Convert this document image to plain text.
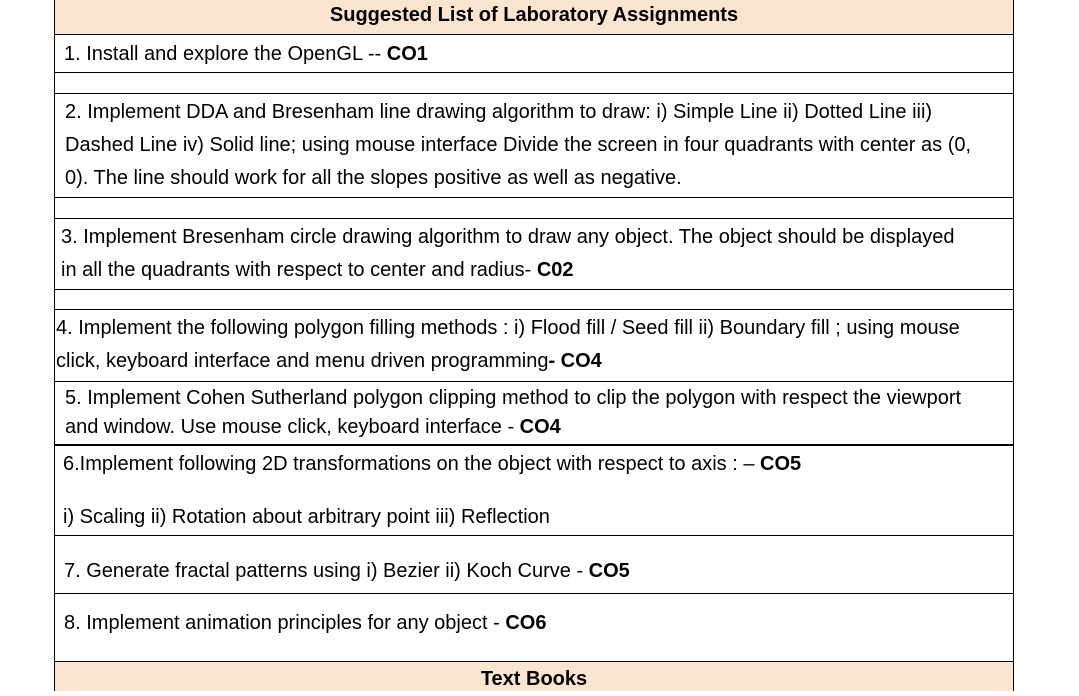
Suggested List of Laboratory Assignments
1. Install and explore the OpenGL -- CO1
2. Implement DDA and Bresenham line drawing algorithm to draw: i) Simple Line ii) Dotted Line iii) Dashed Line iv) Solid line; using mouse interface Divide the screen in four quadrants with center as (0, 0). The line should work for all the slopes positive as well as negative.
3. Implement Bresenham circle drawing algorithm to draw any object. The object should be displayed in all the quadrants with respect to center and radius- C02
4. Implement the following polygon filling methods : i) Flood fill / Seed fill ii) Boundary fill ; using mouse click, keyboard interface and menu driven programming- CO4
5. Implement Cohen Sutherland polygon clipping method to clip the polygon with respect the viewport and window. Use mouse click, keyboard interface - CO4
6.Implement following 2D transformations on the object with respect to axis : – CO5
i) Scaling ii) Rotation about arbitrary point iii) Reflection
7. Generate fractal patterns using i) Bezier ii) Koch Curve - CO5
8. Implement animation principles for any object - CO6
Text Books
